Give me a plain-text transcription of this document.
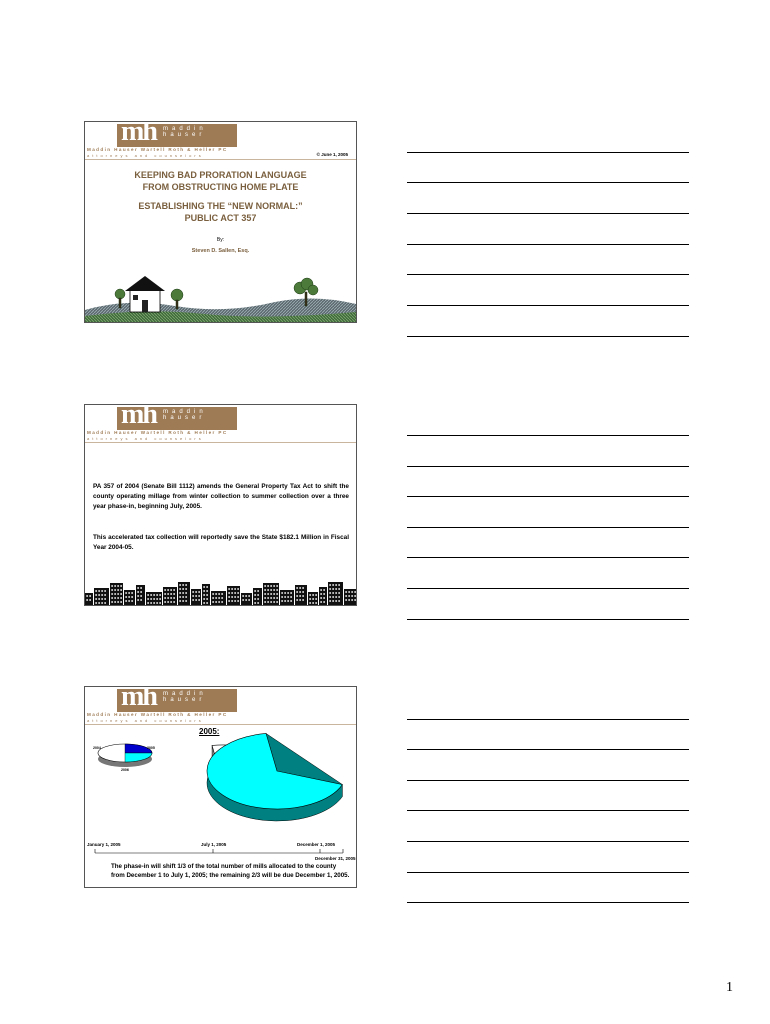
mh maddin hauser
Maddin Hauser Wartell Roth & Heller PC
attorneys and counselors	© June 1, 2005
KEEPING BAD PRORATION LANGUAGE
FROM OBSTRUCTING HOME PLATE
ESTABLISHING THE “NEW NORMAL:”
PUBLIC ACT 357
By:
Steven D. Sallen, Esq.
mh maddin hauser
Maddin Hauser Wartell Roth & Heller PC
attorneys and counselors
PA 357 of 2004 (Senate Bill 1112) amends the General Property Tax Act to shift the county operating millage from winter collection to summer collection over a three year phase-in, beginning July, 2005.
This accelerated tax collection will reportedly save the State $182.1 Million in Fiscal Year 2004-05.
mh maddin hauser
Maddin Hauser Wartell Roth & Heller PC
attorneys and counselors
2005:
2004	2005
2006
January 1, 2005	July 1, 2005	December 1, 2005
December 31, 2005
The phase-in will shift 1/3 of the total number of mills allocated to the county from December 1 to July 1, 2005; the remaining 2/3 will be due December 1, 2005.
1
